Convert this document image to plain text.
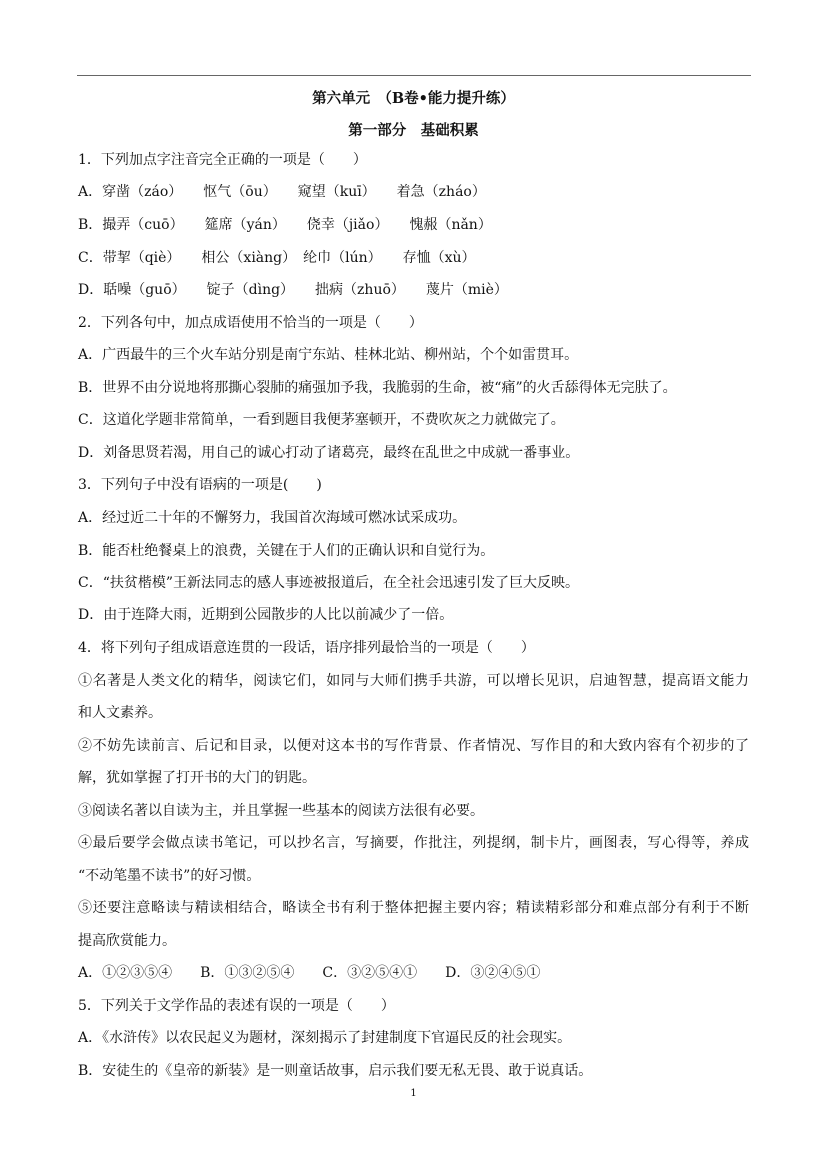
第六单元　（B卷•能力提升练）
第一部分　基础积累
1．下列加点字注音完全正确的一项是（　　）
A．穿凿（záo）　　怄气（ōu）　　窥望（kuī）　　着急（zháo）
B．撮弄（cuō）　　筵席（yán）　　侥幸（jiǎo）　　愧赧（nǎn）
C．带挈（qiè）　　相公（xiàng）　纶巾（lún）　　存恤（xù）
D．聒噪（guō）　　锭子（dìng）　　拙病（zhuō）　　蔑片（miè）
2．下列各句中，加点成语使用不恰当的一项是（　　）
A．广西最牛的三个火车站分别是南宁东站、桂林北站、柳州站，个个如雷贯耳。
B．世界不由分说地将那撕心裂肺的痛强加予我，我脆弱的生命，被“痛”的火舌舔得体无完肤了。
C．这道化学题非常简单，一看到题目我便茅塞顿开，不费吹灰之力就做完了。
D．刘备思贤若渴，用自己的诚心打动了诸葛亮，最终在乱世之中成就一番事业。
3．下列句子中没有语病的一项是(　　)
A．经过近二十年的不懈努力，我国首次海域可燃冰试采成功。
B．能否杜绝餐桌上的浪费，关键在于人们的正确认识和自觉行为。
C．“扶贫楷模”王新法同志的感人事迹被报道后，在全社会迅速引发了巨大反映。
D．由于连降大雨，近期到公园散步的人比以前减少了一倍。
4．将下列句子组成语意连贯的一段话，语序排列最恰当的一项是（　　）
①名著是人类文化的精华，阅读它们，如同与大师们携手共游，可以增长见识，启迪智慧，提高语文能力
和人文素养。
②不妨先读前言、后记和目录，以便对这本书的写作背景、作者情况、写作目的和大致内容有个初步的了
解，犹如掌握了打开书的大门的钥匙。
③阅读名著以自读为主，并且掌握一些基本的阅读方法很有必要。
④最后要学会做点读书笔记，可以抄名言，写摘要，作批注，列提纲，制卡片，画图表，写心得等，养成
“不动笔墨不读书”的好习惯。
⑤还要注意略读与精读相结合，略读全书有利于整体把握主要内容；精读精彩部分和难点部分有利于不断
提高欣赏能力。
A．①②③⑤④　　B．①③②⑤④　　C．③②⑤④①　　D．③②④⑤①
5．下列关于文学作品的表述有误的一项是（　　）
A．《水浒传》以农民起义为题材，深刻揭示了封建制度下官逼民反的社会现实。
B．安徒生的《皇帝的新装》是一则童话故事，启示我们要无私无畏、敢于说真话。
1
